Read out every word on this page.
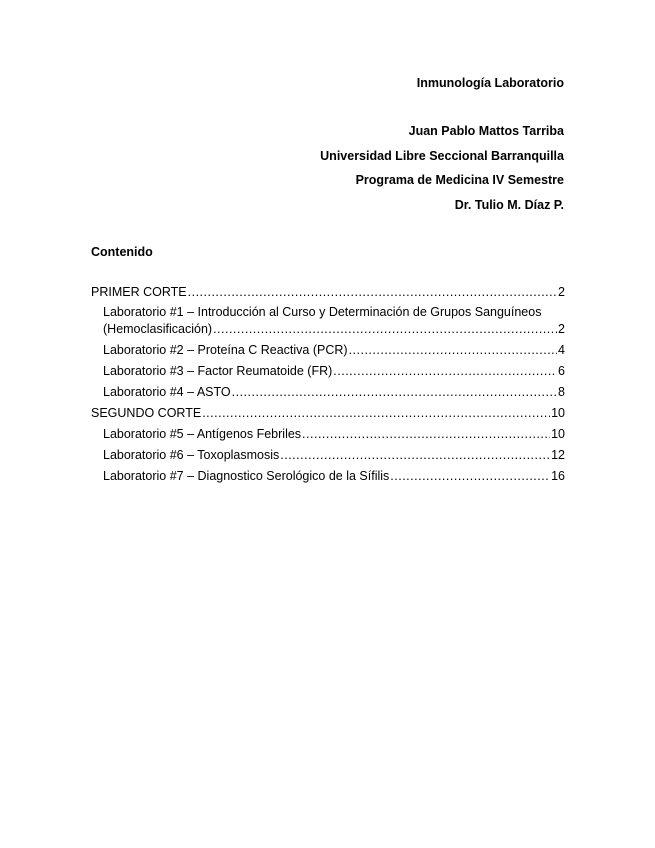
Inmunología Laboratorio
Juan Pablo Mattos Tarriba
Universidad Libre Seccional Barranquilla
Programa de Medicina IV Semestre
Dr. Tulio M. Díaz P.
Contenido
PRIMER CORTE .....	2
Laboratorio #1 – Introducción al Curso y Determinación de Grupos Sanguíneos
(Hemoclasificación) .....	2
Laboratorio #2 – Proteína C Reactiva (PCR) .....	4
Laboratorio #3 – Factor Reumatoide (FR) .....	6
Laboratorio #4 – ASTO .....	8
SEGUNDO CORTE .....	10
Laboratorio #5 – Antígenos Febriles .....	10
Laboratorio #6 – Toxoplasmosis .....	12
Laboratorio #7 – Diagnostico Serológico de la Sífilis .....	16
